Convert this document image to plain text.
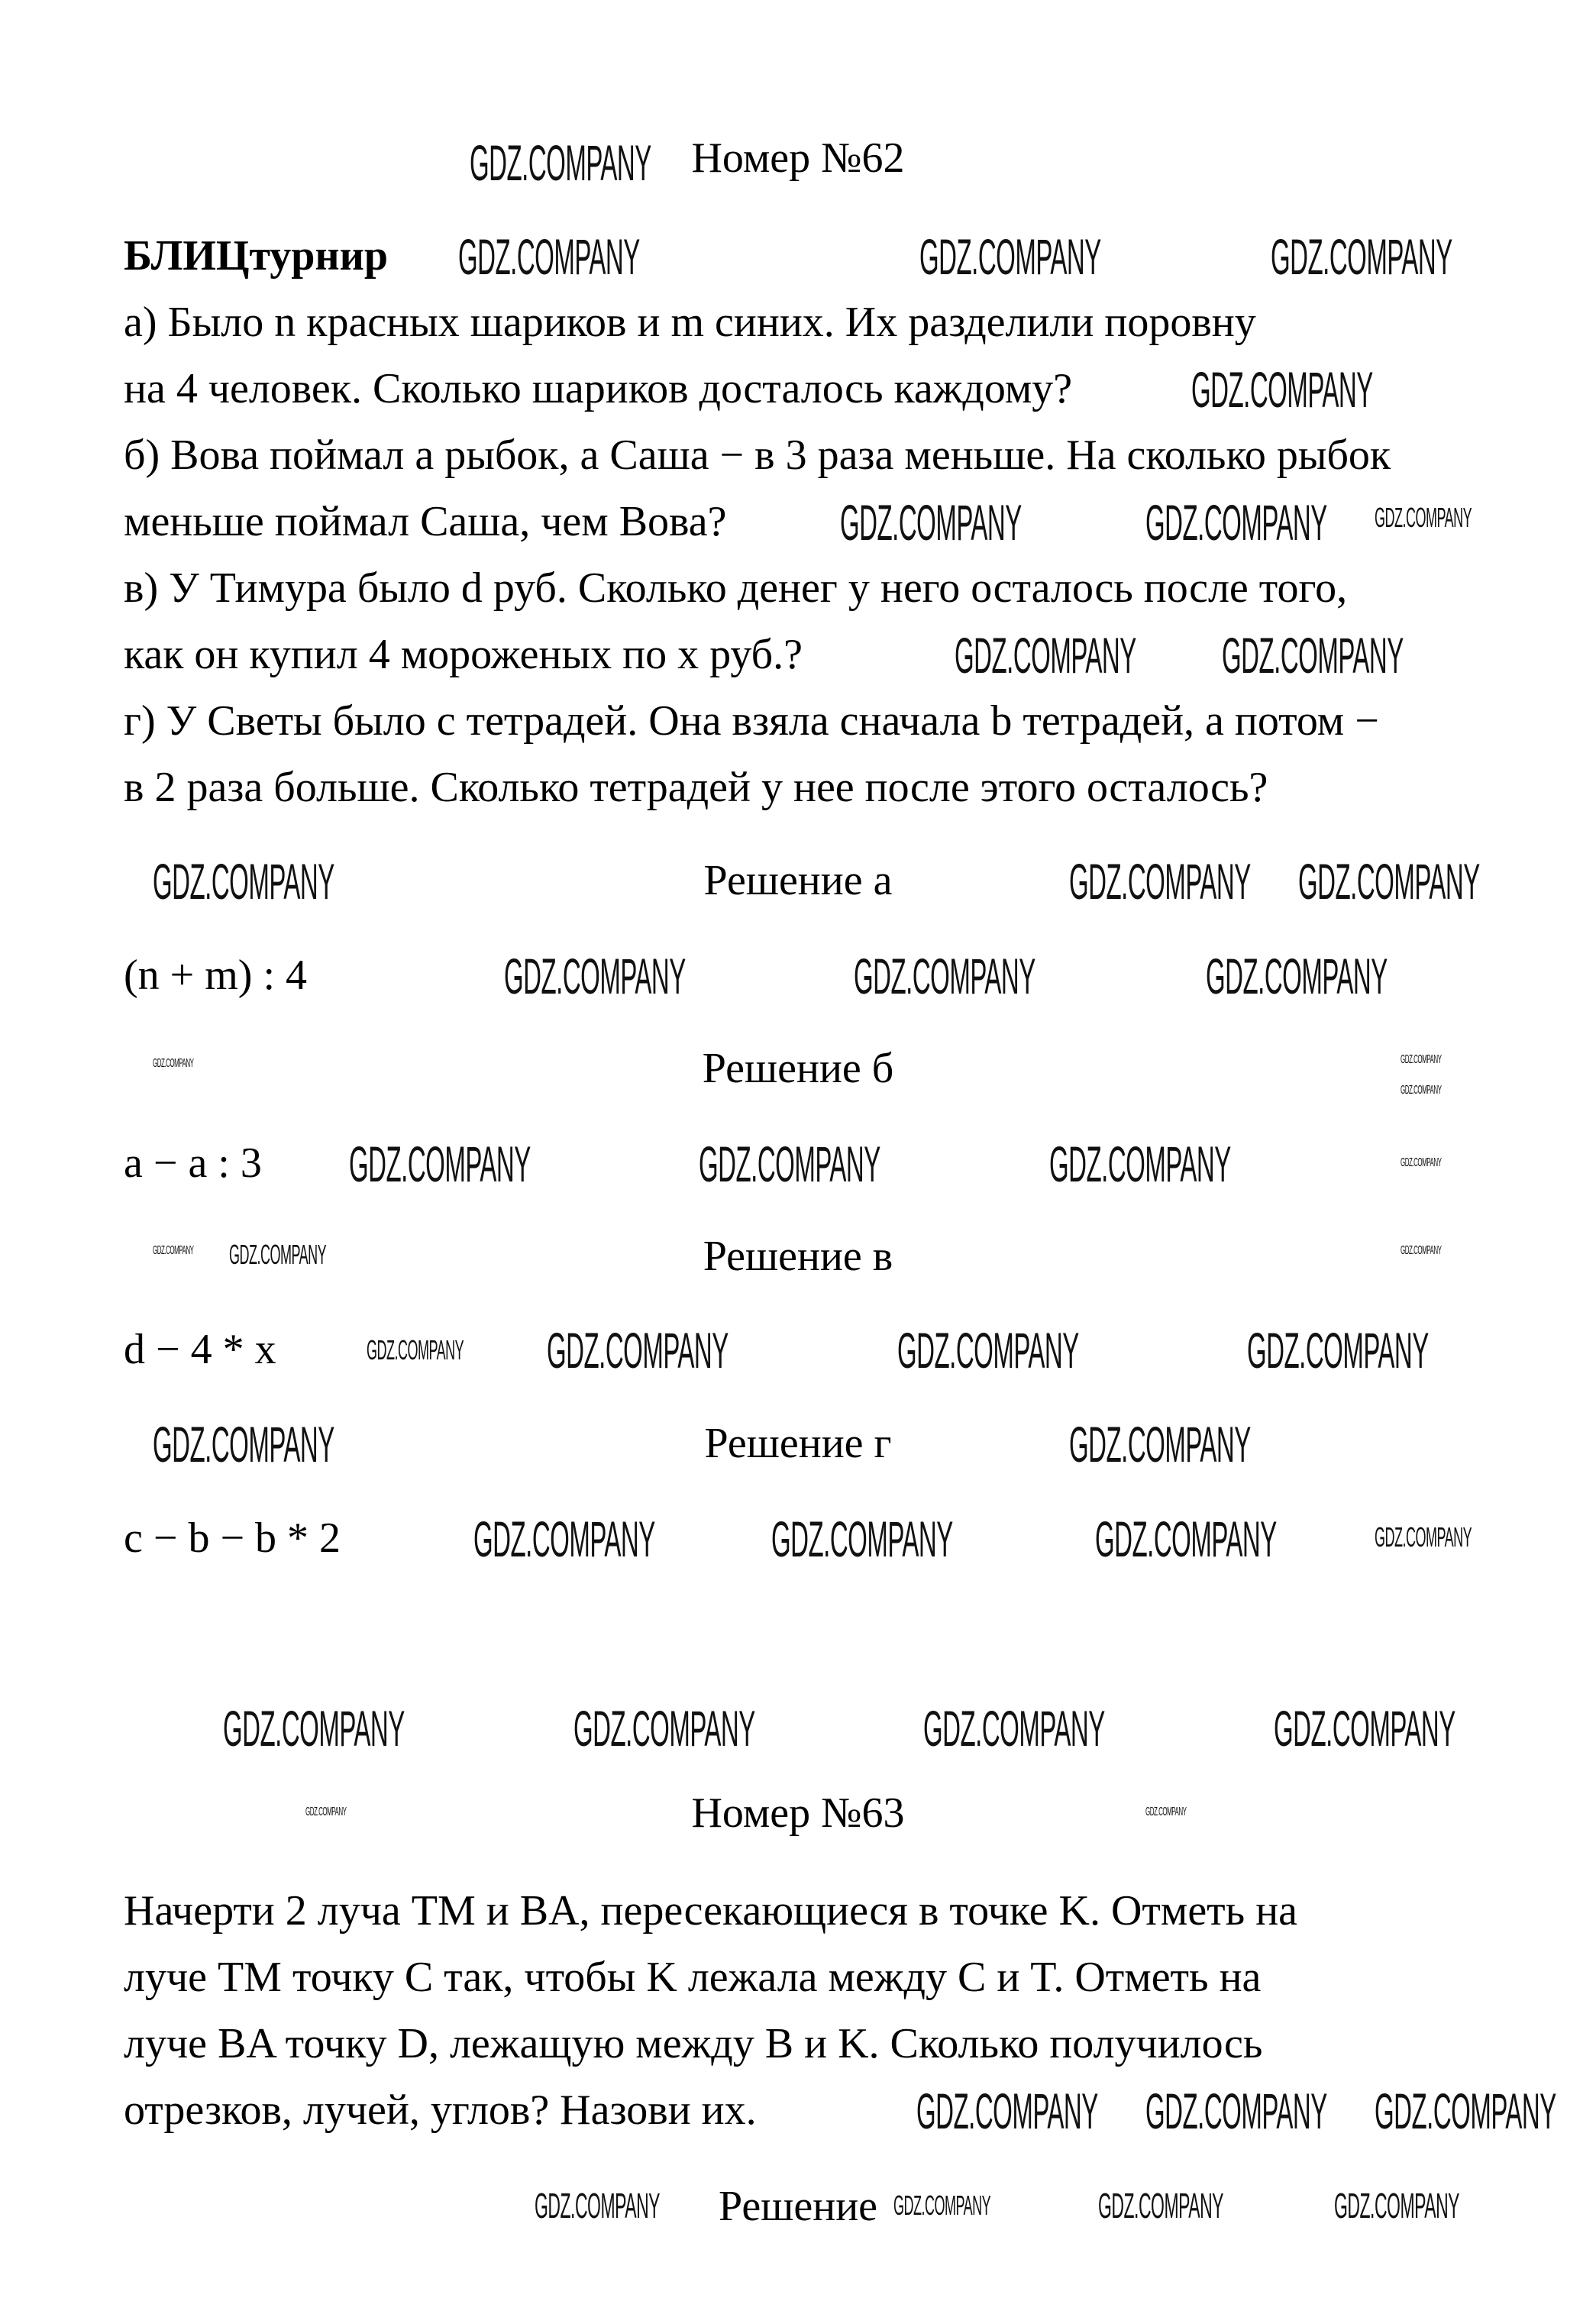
Номер №62
БЛИЦтурнир
а) Было n красных шариков и m синих. Их разделили поровну
на 4 человек. Сколько шариков досталось каждому?
б) Вова поймал a рыбок, а Саша − в 3 раза меньше. На сколько рыбок
меньше поймал Саша, чем Вова?
в) У Тимура было d руб. Сколько денег у него осталось после того,
как он купил 4 мороженых по x руб.?
г) У Светы было c тетрадей. Она взяла сначала b тетрадей, а потом −
в 2 раза больше. Сколько тетрадей у нее после этого осталось?
Решение а
(n + m) : 4
Решение б
a − a : 3
Решение в
d − 4 * x
Решение г
c − b − b * 2
Номер №63
Начерти 2 луча TM и BA, пересекающиеся в точке K. Отметь на
луче TM точку C так, чтобы K лежала между C и T. Отметь на
луче BA точку D, лежащую между B и K. Сколько получилось
отрезков, лучей, углов? Назови их.
Решение
GDZ.COMPANY
GDZ.COMPANY	GDZ.COMPANY	GDZ.COMPANY
GDZ.COMPANY
GDZ.COMPANY GDZ.COMPANY GDZ.COMPANY
GDZ.COMPANY GDZ.COMPANY
GDZ.COMPANY	GDZ.COMPANY GDZ.COMPANY
GDZ.COMPANY	GDZ.COMPANY	GDZ.COMPANY
GDZ.COMPANY	GDZ.COMPANY
GDZ.COMPANY
GDZ.COMPANY	GDZ.COMPANY	GDZ.COMPANY	GDZ.COMPANY
GDZ.COMPANY	GDZ.COMPANY
GDZ.COMPANY
GDZ.COMPANY	GDZ.COMPANY	GDZ.COMPANY
GDZ.COMPANY
GDZ.COMPANY	GDZ.COMPANY
GDZ.COMPANY GDZ.COMPANY	GDZ.COMPANY	GDZ.COMPANY
GDZ.COMPANY	GDZ.COMPANY	GDZ.COMPANY	GDZ.COMPANY
GDZ.COMPANY	GDZ.COMPANY
GDZ.COMPANY GDZ.COMPANY GDZ.COMPANY
GDZ.COMPANY	GDZ.COMPANY	GDZ.COMPANY	GDZ.COMPANY
